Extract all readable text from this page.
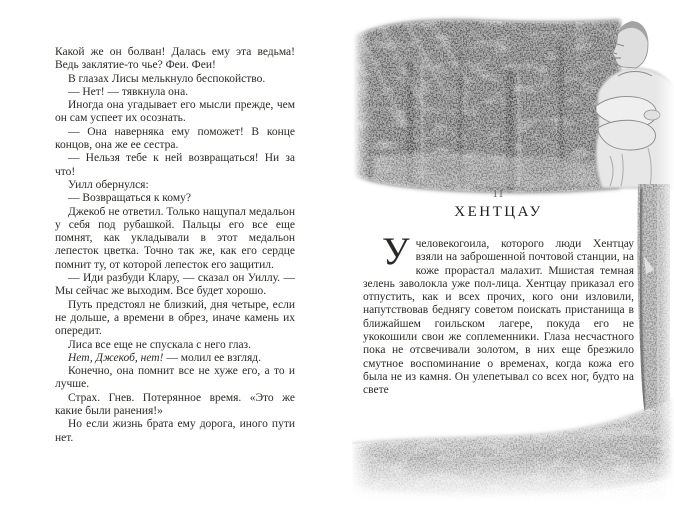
Какой же он болван! Далась ему эта ведьма! Ведь заклятие-то чье? Феи. Феи!

В глазах Лисы мелькнуло беспокойство.

— Нет! — тявкнула она.

Иногда она угадывает его мысли прежде, чем он сам успеет их осознать.

— Она наверняка ему поможет! В конце концов, она же ее сестра.

— Нельзя тебе к ней возвращаться! Ни за что!

Уилл обернулся:

— Возвращаться к кому?

Джекоб не ответил. Только нащупал медальон у себя под рубашкой. Пальцы его все еще помнят, как укладывали в этот медальон лепесток цветка. Точно так же, как его сердце помнит ту, от которой лепесток его защитил.

— Иди разбуди Клару, — сказал он Уиллу. — Мы сейчас же выходим. Все будет хорошо.

Путь предстоял не близкий, дня четыре, если не дольше, а времени в обрез, иначе камень их опередит.

Лиса все еще не спускала с него глаз.

Нет, Джекоб, нет! — молил ее взгляд.

Конечно, она помнит все не хуже его, а то и лучше.

Страх. Гнев. Потерянное время. «Это же какие были ранения!»

Но если жизнь брата ему дорога, иного пути нет.

11
ХЕНТЦАУ

Учеловекогоила, которого люди Хентцау взяли на заброшенной почтовой станции, на коже прорастал малахит. Мшистая темная зелень заволокла уже пол-лица. Хентцау приказал его отпустить, как и всех прочих, кого они изловили, напутствовав беднягу советом поискать пристанища в ближайшем гоильском лагере, покуда его не укокошили свои же соплеменники. Глаза несчастного пока не отсвечивали золотом, в них еще брезжило смутное воспоминание о временах, когда кожа его была не из камня. Он улепетывал со всех ног, будто на свете
